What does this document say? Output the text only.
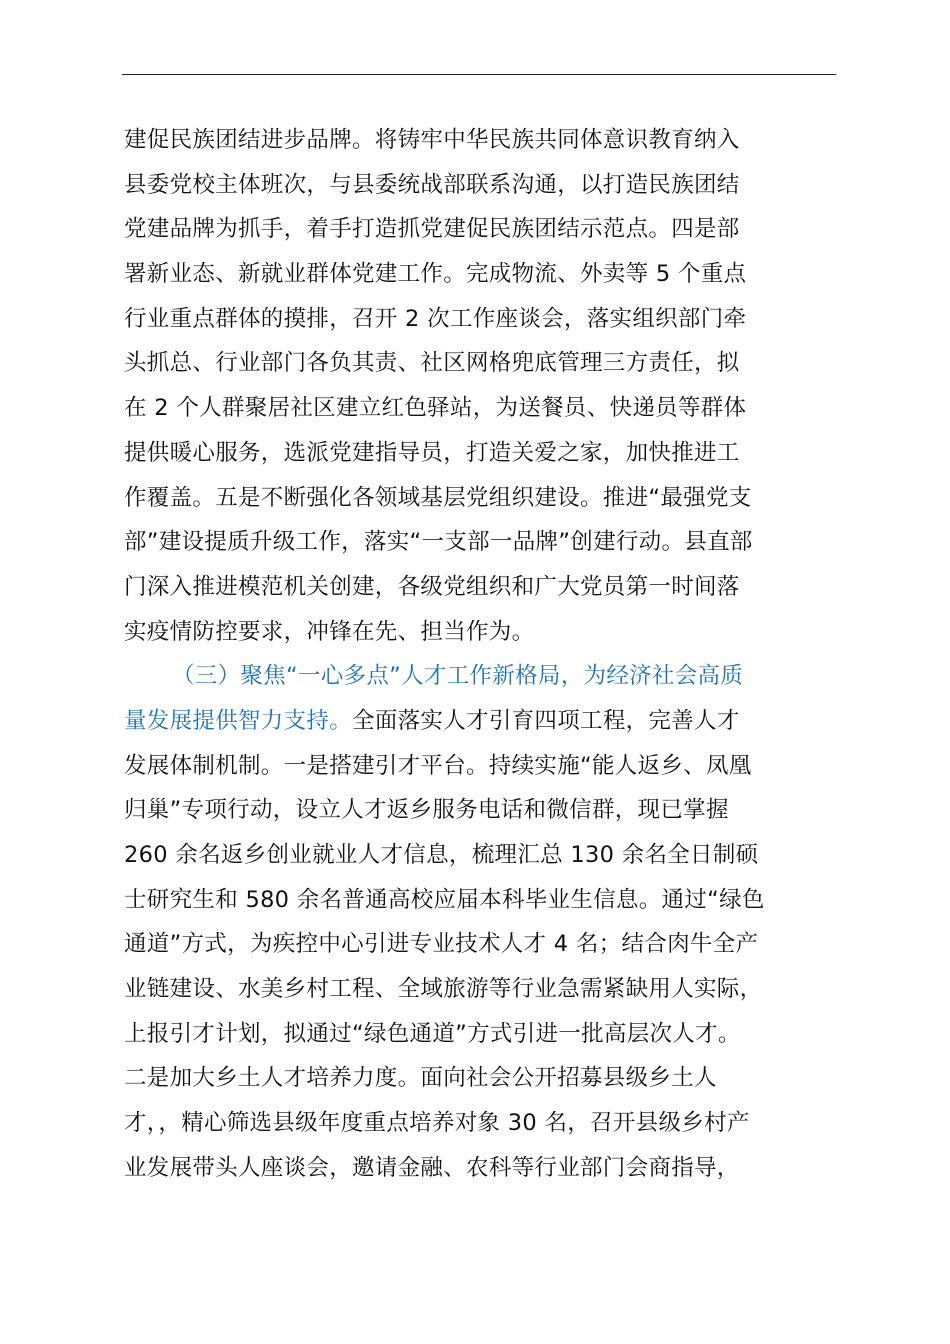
建促民族团结进步品牌。将铸牢中华民族共同体意识教育纳入
县委党校主体班次，与县委统战部联系沟通，以打造民族团结
党建品牌为抓手，着手打造抓党建促民族团结示范点。四是部
署新业态、新就业群体党建工作。完成物流、外卖等 5 个重点
行业重点群体的摸排，召开 2 次工作座谈会，落实组织部门牵
头抓总、行业部门各负其责、社区网格兜底管理三方责任，拟
在 2 个人群聚居社区建立红色驿站，为送餐员、快递员等群体
提供暖心服务，选派党建指导员，打造关爱之家，加快推进工
作覆盖。五是不断强化各领域基层党组织建设。推进“最强党支
部”建设提质升级工作，落实“一支部一品牌”创建行动。县直部
门深入推进模范机关创建，各级党组织和广大党员第一时间落
实疫情防控要求，冲锋在先、担当作为。
（三）聚焦“一心多点”人才工作新格局，为经济社会高质
量发展提供智力支持。全面落实人才引育四项工程，完善人才
发展体制机制。一是搭建引才平台。持续实施“能人返乡、凤凰
归巢”专项行动，设立人才返乡服务电话和微信群，现已掌握
260 余名返乡创业就业人才信息，梳理汇总 130 余名全日制硕
士研究生和 580 余名普通高校应届本科毕业生信息。通过“绿色
通道”方式，为疾控中心引进专业技术人才 4 名；结合肉牛全产
业链建设、水美乡村工程、全域旅游等行业急需紧缺用人实际，
上报引才计划，拟通过“绿色通道”方式引进一批高层次人才。
二是加大乡土人才培养力度。面向社会公开招募县级乡土人
才，，精心筛选县级年度重点培养对象 30 名，召开县级乡村产
业发展带头人座谈会，邀请金融、农科等行业部门会商指导，
